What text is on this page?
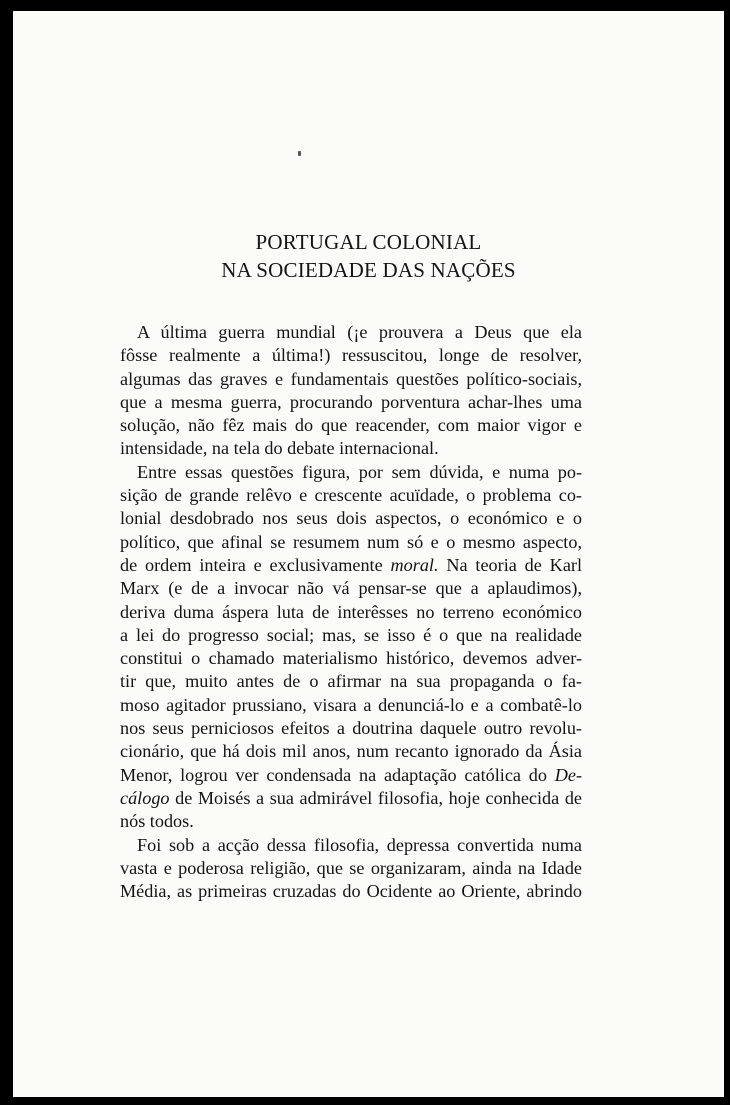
PORTUGAL COLONIAL
NA SOCIEDADE DAS NAÇÕES
A última guerra mundial (¡e prouvera a Deus que ela
fôsse realmente a última!) ressuscitou, longe de resolver,
algumas das graves e fundamentais questões político-sociais,
que a mesma guerra, procurando porventura achar-lhes uma
solução, não fêz mais do que reacender, com maior vigor e
intensidade, na tela do debate internacional.
Entre essas questões figura, por sem dúvida, e numa po-
sição de grande relêvo e crescente acuïdade, o problema co-
lonial desdobrado nos seus dois aspectos, o económico e o
político, que afinal se resumem num só e o mesmo aspecto,
de ordem inteira e exclusivamente moral. Na teoria de Karl
Marx (e de a invocar não vá pensar-se que a aplaudimos),
deriva duma áspera luta de interêsses no terreno económico
a lei do progresso social; mas, se isso é o que na realidade
constitui o chamado materialismo histórico, devemos adver-
tir que, muito antes de o afirmar na sua propaganda o fa-
moso agitador prussiano, visara a denunciá-lo e a combatê-lo
nos seus perniciosos efeitos a doutrina daquele outro revolu-
cionário, que há dois mil anos, num recanto ignorado da Ásia
Menor, logrou ver condensada na adaptação católica do De-
cálogo de Moisés a sua admirável filosofia, hoje conhecida de
nós todos.
Foi sob a acção dessa filosofia, depressa convertida numa
vasta e poderosa religião, que se organizaram, ainda na Idade
Média, as primeiras cruzadas do Ocidente ao Oriente, abrindo
